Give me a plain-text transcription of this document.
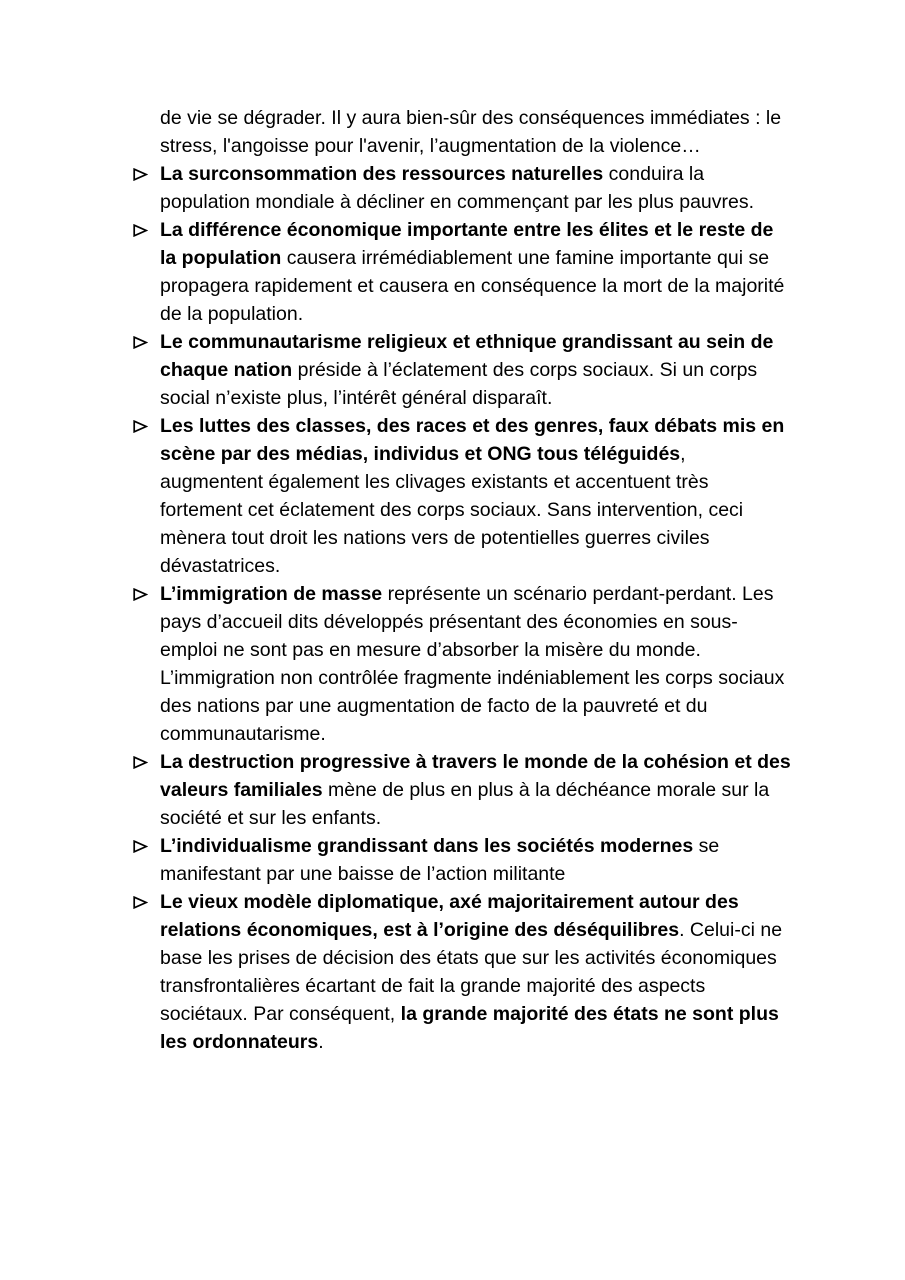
de vie se dégrader. Il y aura bien-sûr des conséquences immédiates : le stress, l'angoisse pour l'avenir, l’augmentation de la violence…
La surconsommation des ressources naturelles conduira la population mondiale à décliner en commençant par les plus pauvres.
La différence économique importante entre les élites et le reste de la population causera irrémédiablement une famine importante qui se propagera rapidement et causera en conséquence la mort de la majorité de la population.
Le communautarisme religieux et ethnique grandissant au sein de chaque nation préside à l’éclatement des corps sociaux. Si un corps social n’existe plus, l’intérêt général disparaît.
Les luttes des classes, des races et des genres, faux débats mis en scène par des médias, individus et ONG tous téléguidés, augmentent également les clivages existants et accentuent très fortement cet éclatement des corps sociaux. Sans intervention, ceci mènera tout droit les nations vers de potentielles guerres civiles dévastatrices.
L’immigration de masse représente un scénario perdant-perdant. Les pays d’accueil dits développés présentant des économies en sous-emploi ne sont pas en mesure d’absorber la misère du monde. L’immigration non contrôlée fragmente indéniablement les corps sociaux des nations par une augmentation de facto de la pauvreté et du communautarisme.
La destruction progressive à travers le monde de la cohésion et des valeurs familiales mène de plus en plus à la déchéance morale sur la société et sur les enfants.
L’individualisme grandissant dans les sociétés modernes se manifestant par une baisse de l’action militante
Le vieux modèle diplomatique, axé majoritairement autour des relations économiques, est à l’origine des déséquilibres. Celui-ci ne base les prises de décision des états que sur les activités économiques transfrontalières écartant de fait la grande majorité des aspects sociétaux. Par conséquent, la grande majorité des états ne sont plus les ordonnateurs.
